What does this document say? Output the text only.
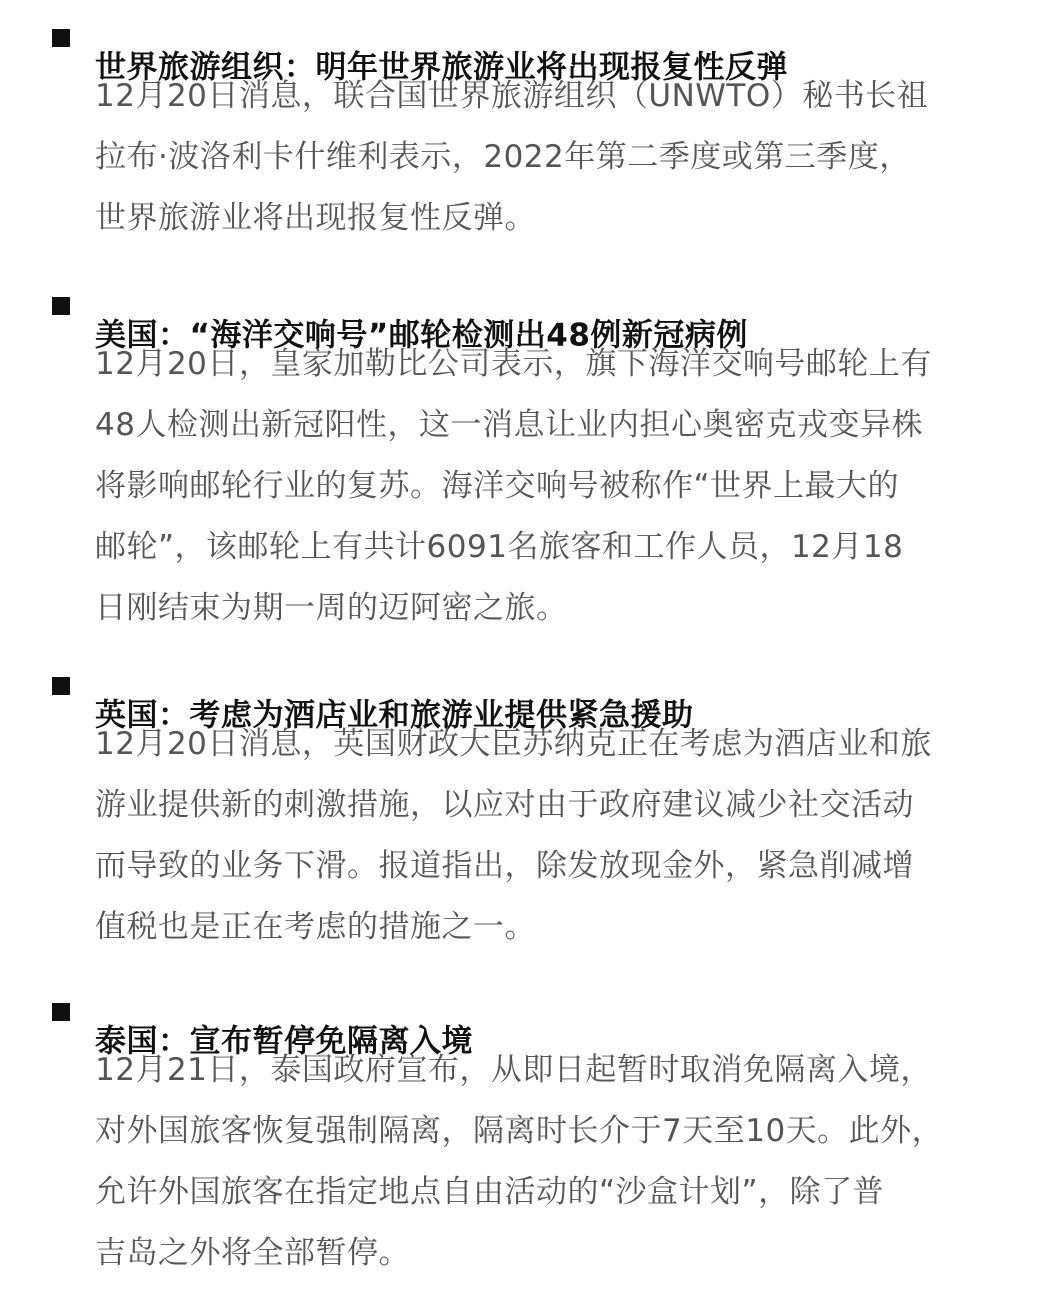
世界旅游组织：明年世界旅游业将出现报复性反弹

12月20日消息，联合国世界旅游组织（UNWTO）秘书长祖
拉布·波洛利卡什维利表示，2022年第二季度或第三季度，
世界旅游业将出现报复性反弹。

美国：“海洋交响号”邮轮检测出48例新冠病例

12月20日，皇家加勒比公司表示，旗下海洋交响号邮轮上有
48人检测出新冠阳性，这一消息让业内担心奥密克戎变异株
将影响邮轮行业的复苏。海洋交响号被称作“世界上最大的
邮轮”，该邮轮上有共计6091名旅客和工作人员，12月18
日刚结束为期一周的迈阿密之旅。

英国：考虑为酒店业和旅游业提供紧急援助

12月20日消息，英国财政大臣苏纳克正在考虑为酒店业和旅
游业提供新的刺激措施，以应对由于政府建议减少社交活动
而导致的业务下滑。报道指出，除发放现金外，紧急削减增
值税也是正在考虑的措施之一。

泰国：宣布暂停免隔离入境

12月21日，泰国政府宣布，从即日起暂时取消免隔离入境，
对外国旅客恢复强制隔离，隔离时长介于7天至10天。此外，
允许外国旅客在指定地点自由活动的“沙盒计划”，除了普
吉岛之外将全部暂停。
